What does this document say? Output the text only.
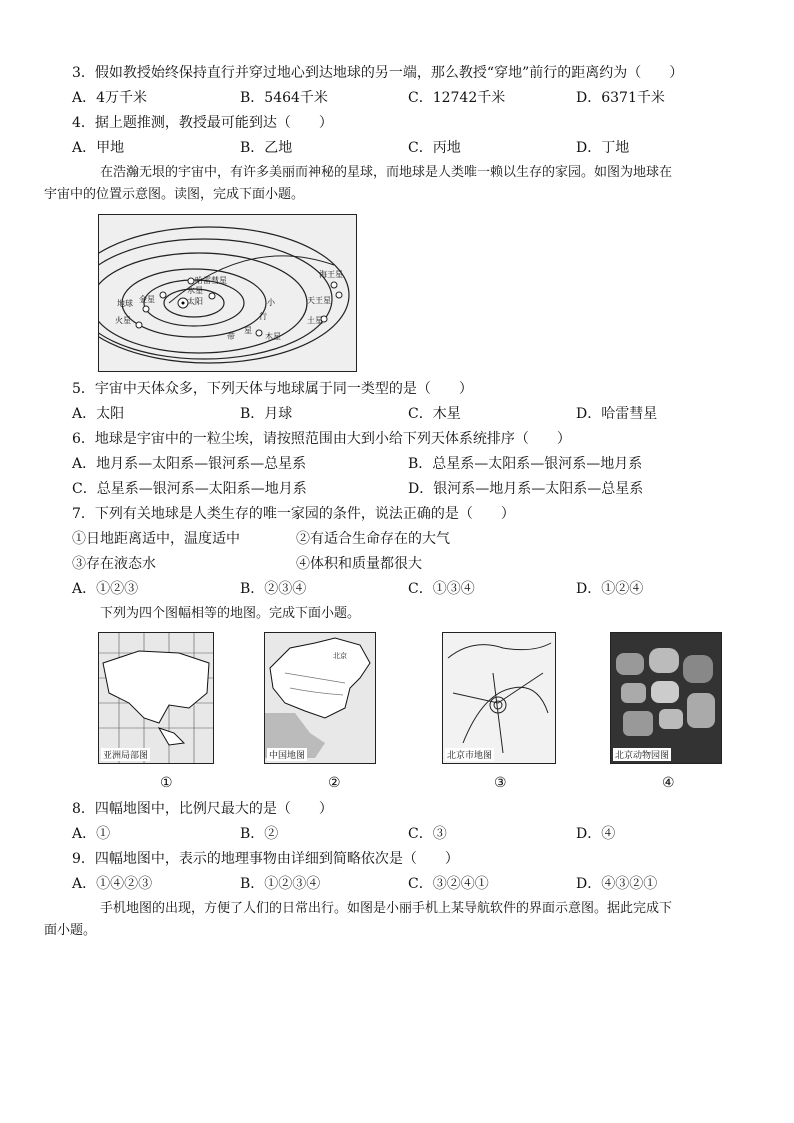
3．假如教授始终保持直行并穿过地心到达地球的另一端，那么教授“穿地”前行的距离约为（　　）
A．4万千米	B．5464千米	C．12742千米	D．6371千米
4．据上题推测，教授最可能到达（　　）
A．甲地	B．乙地	C．丙地	D．丁地
在浩瀚无垠的宇宙中，有许多美丽而神秘的星球，而地球是人类唯一赖以生存的家园。如图为地球在
宇宙中的位置示意图。读图，完成下面小题。
太阳
水星
金星
地球
火星
哈雷彗星
海王星
天王星
土星
木星
小
行
星
带
5．宇宙中天体众多，下列天体与地球属于同一类型的是（　　）
A．太阳	B．月球	C．木星	D．哈雷彗星
6．地球是宇宙中的一粒尘埃，请按照范围由大到小给下列天体系统排序（　　）
A．地月系—太阳系—银河系—总星系	B．总星系—太阳系—银河系—地月系
C．总星系—银河系—太阳系—地月系	D．银河系—地月系—太阳系—总星系
7．下列有关地球是人类生存的唯一家园的条件，说法正确的是（　　）
①日地距离适中，温度适中	②有适合生命存在的大气
③存在液态水	④体积和质量都很大
A．①②③	B．②③④	C．①③④	D．①②④
下列为四个图幅相等的地图。完成下面小题。
亚洲局部图
北京
中国地图	北京市地图	北京动物园图
①	②	③	④
8．四幅地图中，比例尺最大的是（　　）
A．①	B．②	C．③	D．④
9．四幅地图中，表示的地理事物由详细到简略依次是（　　）
A．①④②③	B．①②③④	C．③②④①	D．④③②①
手机地图的出现，方便了人们的日常出行。如图是小丽手机上某导航软件的界面示意图。据此完成下
面小题。
